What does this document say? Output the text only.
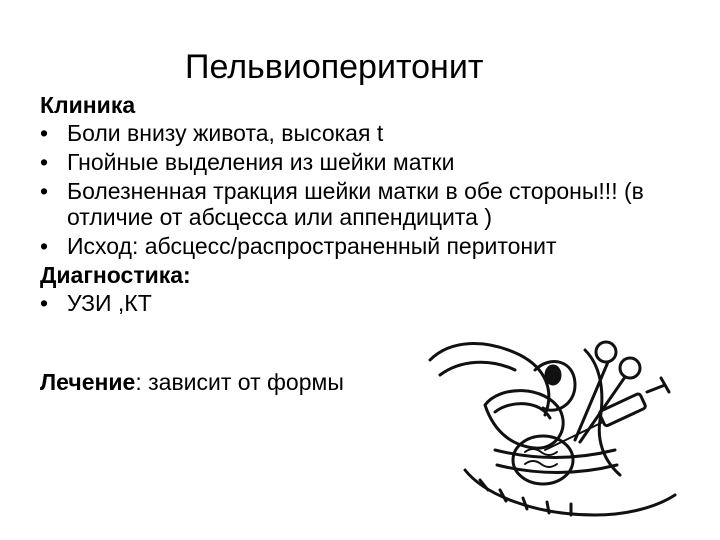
Пельвиоперитонит
Клиника
• Боли внизу живота, высокая t
• Гнойные выделения из шейки матки
• Болезненная тракция шейки матки в обе стороны!!! (в отличие от абсцесса или аппендицита )
• Исход: абсцесс/распространенный перитонит
Диагностика:
• УЗИ ,КТ
Лечение: зависит от формы
